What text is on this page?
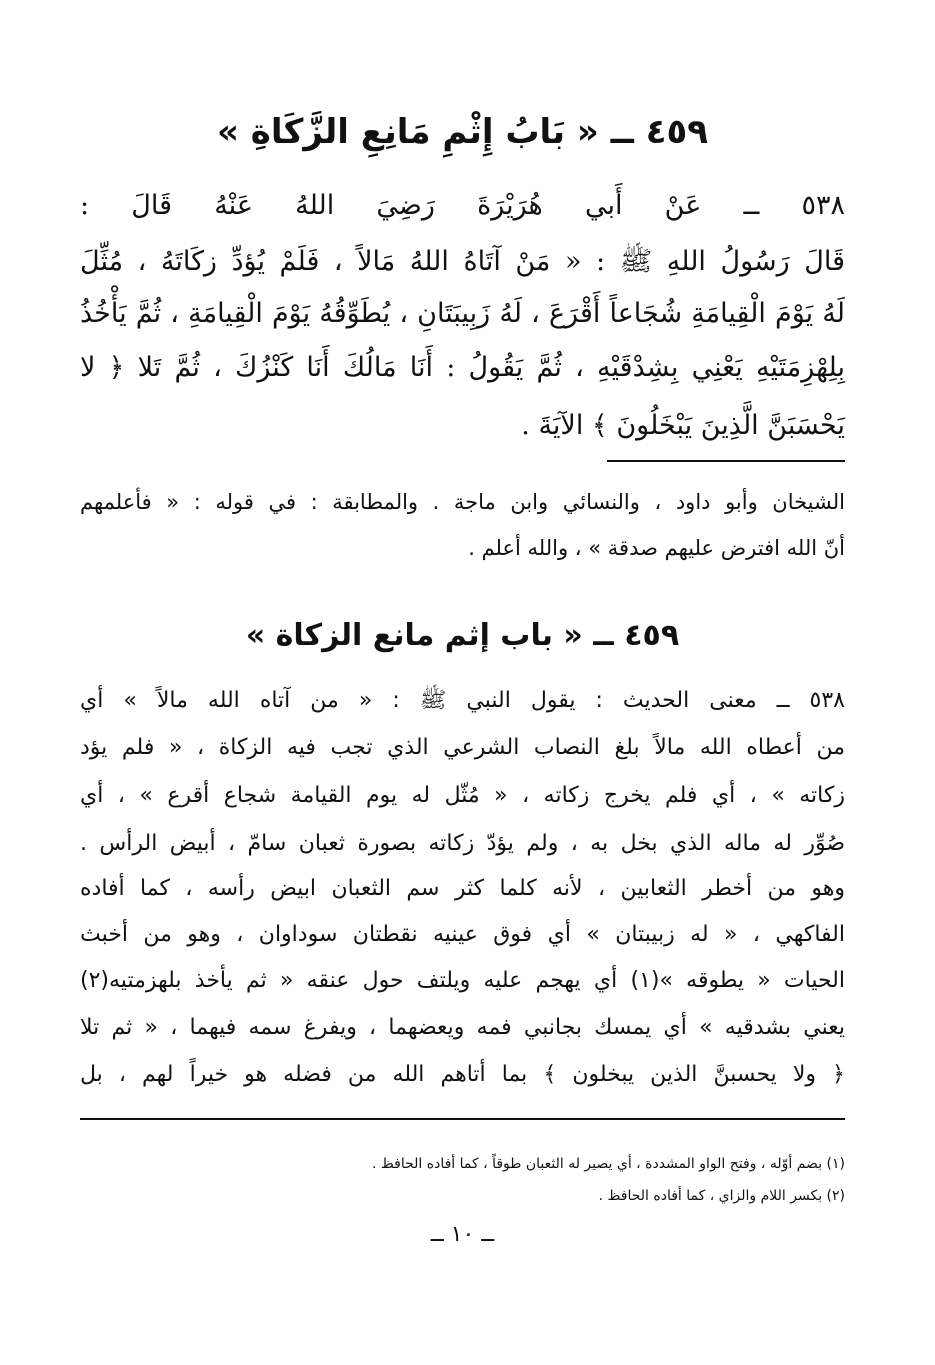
٤٥٩ ــ « بَابُ إِثْمِ مَانِعِ الزَّكَاةِ »
٥٣٨ ــ عَنْ أَبي هُرَيْرَةَ رَضِيَ اللهُ عَنْهُ قَالَ :
قَالَ رَسُولُ اللهِ ﷺ : « مَنْ آتَاهُ اللهُ مَالاً ، فَلَمْ يُؤدِّ زكَاتَهُ ، مُثِّلَ
لَهُ يَوْمَ الْقِيامَةِ شُجَاعاً أَقْرَعَ ، لَهُ زَبِيبَتَانِ ، يُطَوِّقُهُ يَوْمَ الْقِيامَةِ ، ثُمَّ يَأْخُذُ
بِلِهْزِمَتَيْهِ يَعْنِي بِشِدْقَيْهِ ، ثُمَّ يَقُولُ : أَنَا مَالُكَ أَنَا كَنْزُكَ ، ثُمَّ تَلا ﴿ لا
يَحْسَبَنَّ الَّذِينَ يَبْخَلُونَ ﴾ الآيَةَ .
الشيخان وأبو داود ، والنسائي وابن ماجة . والمطابقة : في قوله : « فأعلمهم
أنّ الله افترض عليهم صدقة » ، والله أعلم .
٤٥٩ ــ « باب إثم مانع الزكاة »
٥٣٨ ــ معنى الحديث : يقول النبي ﷺ : « من آتاه الله مالاً » أي
من أعطاه الله مالاً بلغ النصاب الشرعي الذي تجب فيه الزكاة ، « فلم يؤد
زكاته » ، أي فلم يخرج زكاته ، « مُثّل له يوم القيامة شجاع أقرع » ، أي
صُوِّر له ماله الذي بخل به ، ولم يؤدّ زكاته بصورة ثعبان سامّ ، أبيض الرأس .
وهو من أخطر الثعابين ، لأنه كلما كثر سم الثعبان ابيض رأسه ، كما أفاده
الفاكهي ، « له زبيبتان » أي فوق عينيه نقطتان سوداوان ، وهو من أخبث
الحيات « يطوقه »(١) أي يهجم عليه ويلتف حول عنقه « ثم يأخذ بلهزمتيه(٢)
يعني بشدقيه » أي يمسك بجانبي فمه ويعضهما ، ويفرغ سمه فيهما ، « ثم تلا
﴿ ولا يحسبنَّ الذين يبخلون ﴾ بما أتاهم الله من فضله هو خيراً لهم ، بل
(١) بضم أوّله ، وفتح الواو المشددة ، أي يصير له الثعبان طوقاً ، كما أفاده الحافظ .
(٢) بكسر اللام والزاي ، كما أفاده الحافظ .
ــ ١٠ ــ
